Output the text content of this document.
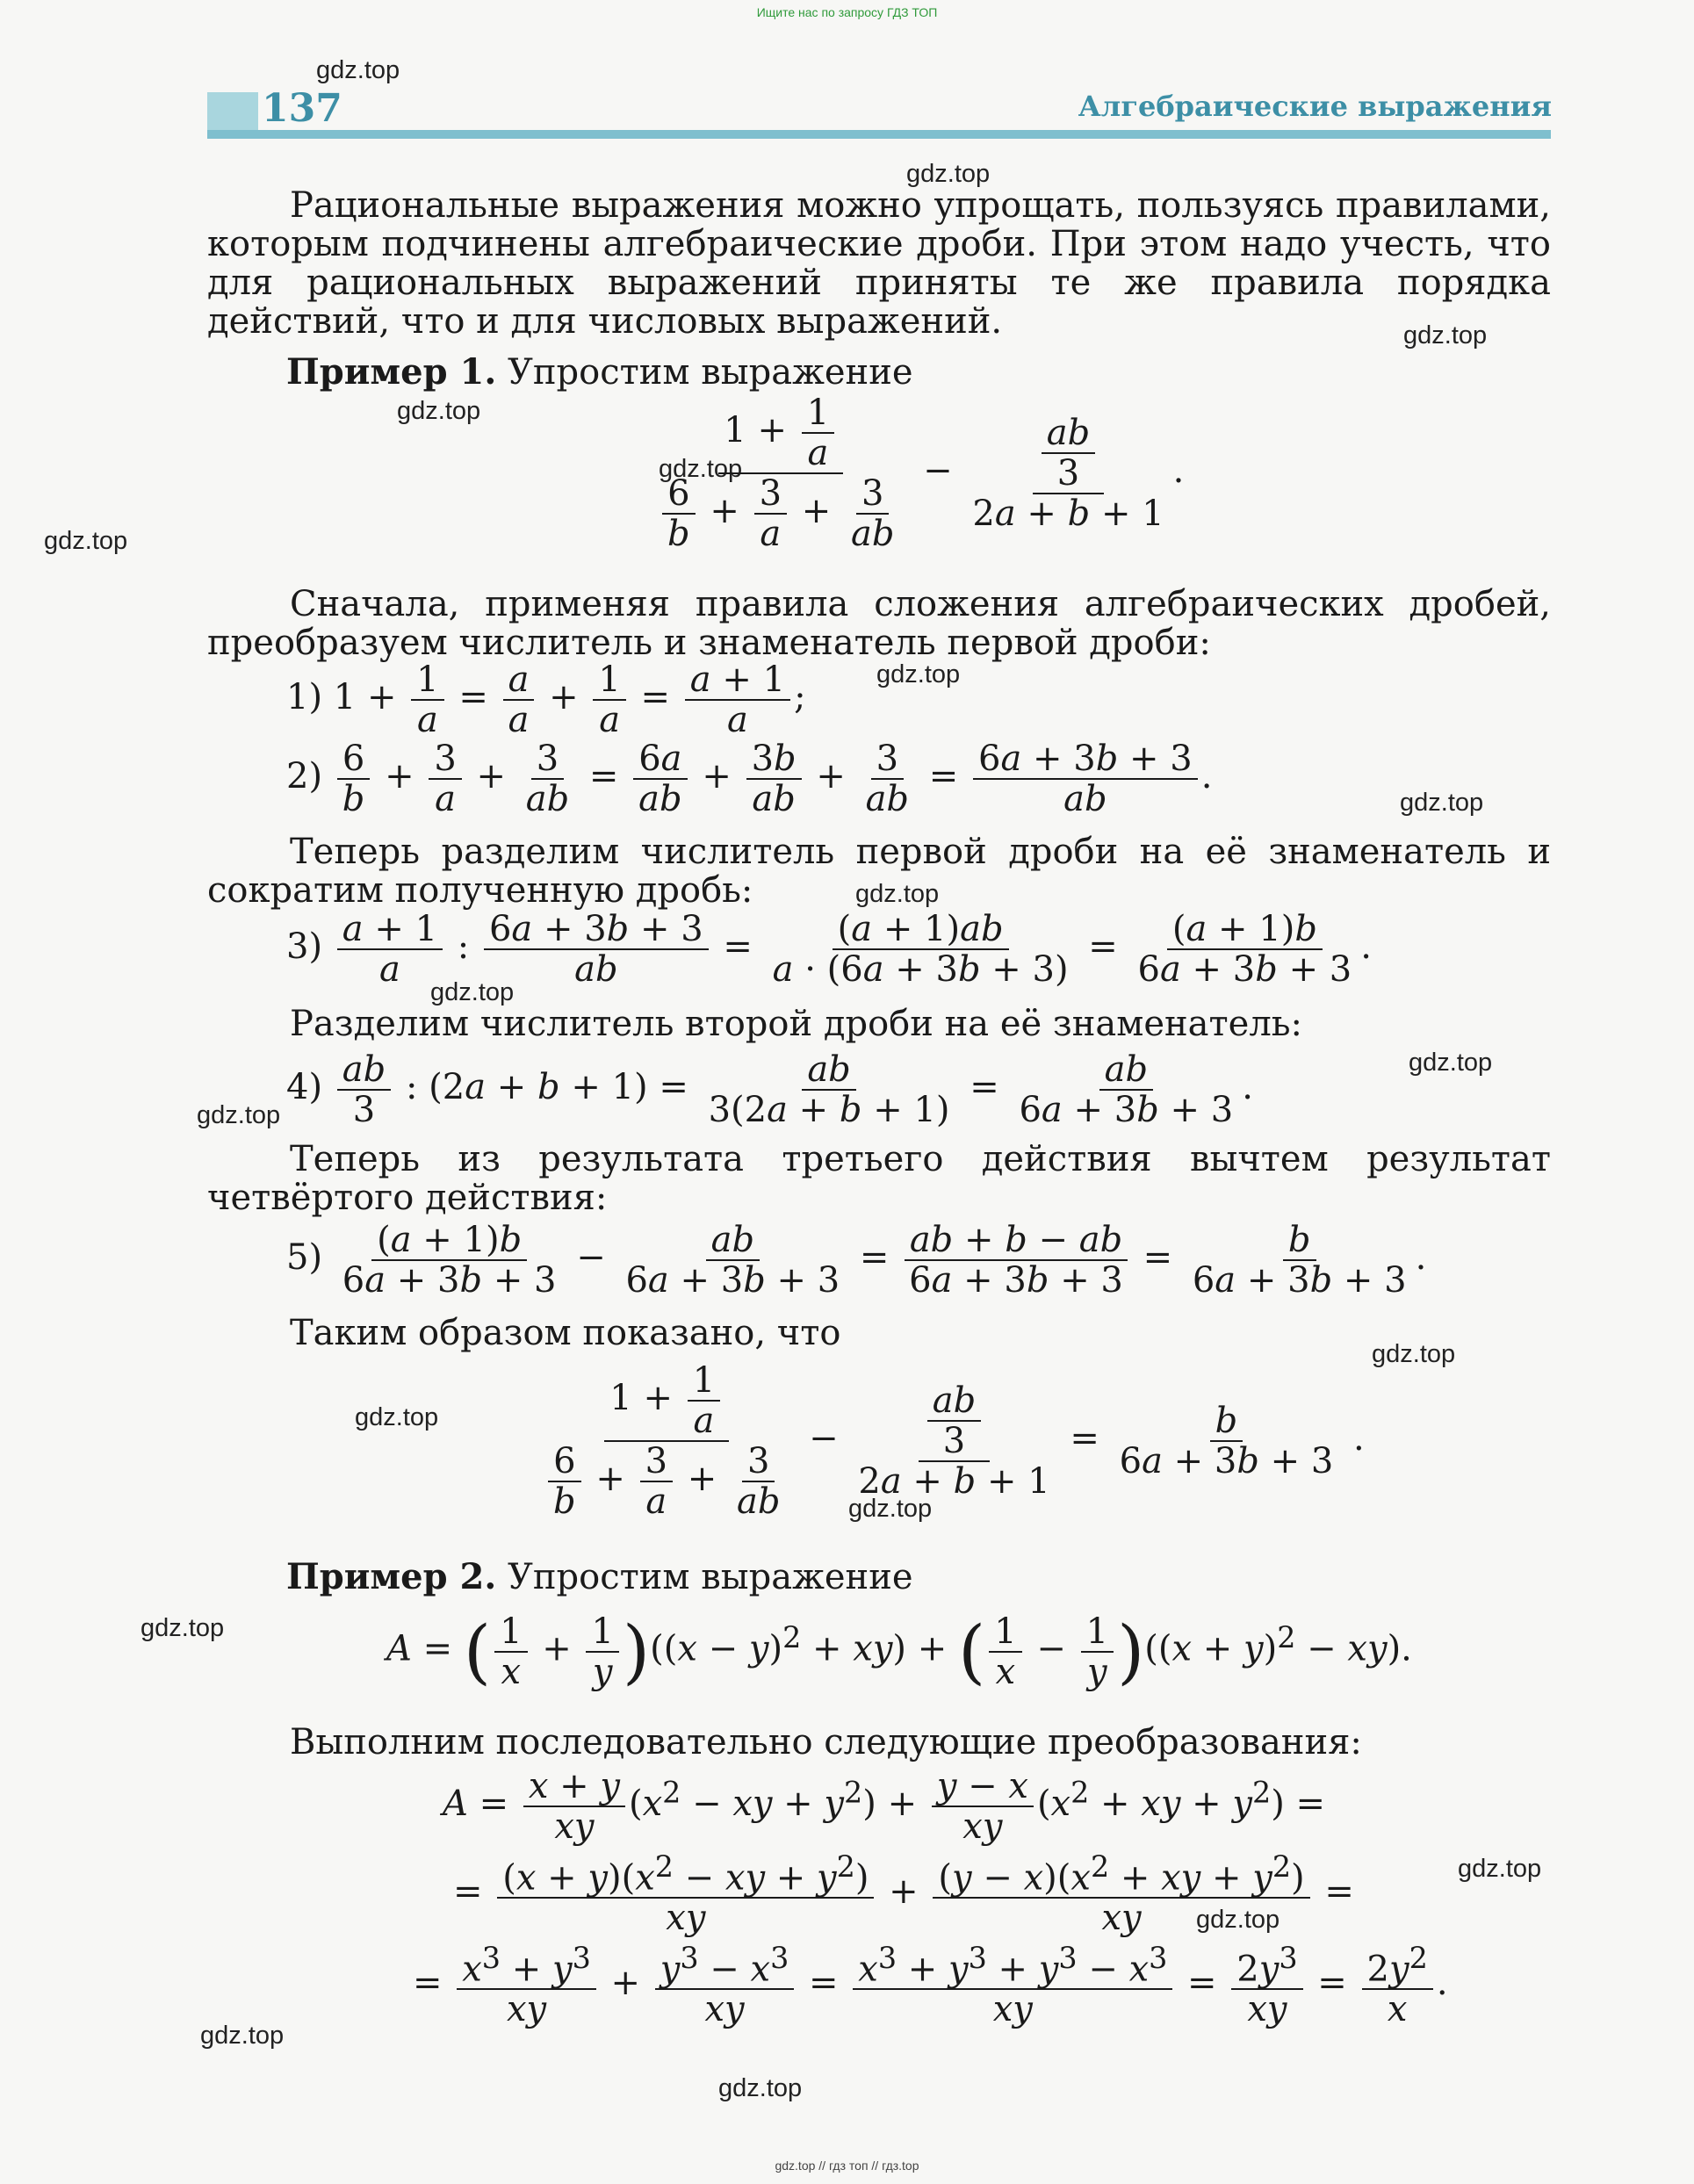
Ищите нас по запросу ГДЗ ТОП
137	Алгебраические выражения
gdz.top
gdz.top
gdz.top
gdz.top
gdz.top
gdz.top
gdz.top
gdz.top
gdz.top
gdz.top
gdz.top
gdz.top
gdz.top
gdz.top
gdz.top
gdz.top
gdz.top
gdz.top
gdz.top
gdz.top
Рациональные выражения можно упрощать, пользуясь правилами, которым подчинены алгебраические дроби. При этом надо учесть, что для рациональных выражений приняты те же правила порядка действий, что и для числовых выражений.
Пример 1. Упростим выражение
$\frac{1 + \frac{1}{a}}{\frac{6}{b} + \frac{3}{a} + \frac{3}{ab}} - \frac{\frac{ab}{3}}{2a + b + 1}$ .
Сначала, применяя правила сложения алгебраических дробей, преобразуем числитель и знаменатель первой дроби:
1) $1 + \frac{1}{a} = \frac{a}{a} + \frac{1}{a} = \frac{a + 1}{a}$ ;
$2) \frac{6}{b} + \frac{3}{a} + \frac{3}{ab} = \frac{6a}{ab} + \frac{3b}{ab} + \frac{3}{ab} = \frac{6a + 3b + 3}{ab}$ .
Теперь разделим числитель первой дроби на её знаменатель и сократим полученную дробь:
$3) \frac{a + 1}{a}$ : $\frac{6a + 3b + 3}{ab} = \frac{(a + 1)ab}{a \cdot (6a + 3b + 3)} = \frac{(a + 1)b}{6a + 3b + 3}$ .
Разделим числитель второй дроби на её знаменатель:
$4) \frac{ab}{3}$ : $(2a + b + 1) = \frac{ab}{3(2a + b + 1)} = \frac{ab}{6a + 3b + 3}$ .
Теперь из результата третьего действия вычтем результат четвёртого действия:
$5) \frac{(a + 1)b}{6a + 3b + 3} - \frac{ab}{6a + 3b + 3} = \frac{ab + b - ab}{6a + 3b + 3} = \frac{b}{6a + 3b + 3}$ .
Таким образом показано, что
$\frac{1 + \frac{1}{a}}{\frac{6}{b} + \frac{3}{a} + \frac{3}{ab}} - \frac{\frac{ab}{3}}{2a + b + 1} = \frac{b}{6a + 3b + 3}$ .
Пример 2. Упростим выражение
A = ( $\frac{1}{x} + \frac{1}{y} )((x - y)^2 + xy)$ + ( $\frac{1}{x} - \frac{1}{y} )((x + y)^2 - xy)$.
Выполним последовательно следующие преобразования:
$A = \frac{x + y}{xy} (x^2$ − xy + $y^2) + \frac{y - x}{xy} (x^2$ + xy + $y^2$) =
= $\frac{(x + y)(x^2 - xy + y^2)}{xy} + \frac{(y - x)(x^2 + xy + y^2)}{xy}$ =
= $\frac{x^3 + y^3}{xy} + \frac{y^3 - x^3}{xy} = \frac{x^3 + y^3 + y^3 - x^3}{xy} = \frac{2y^3}{xy} = \frac{2y^2}{x}$ .
gdz.top // гдз топ // гдз.top
